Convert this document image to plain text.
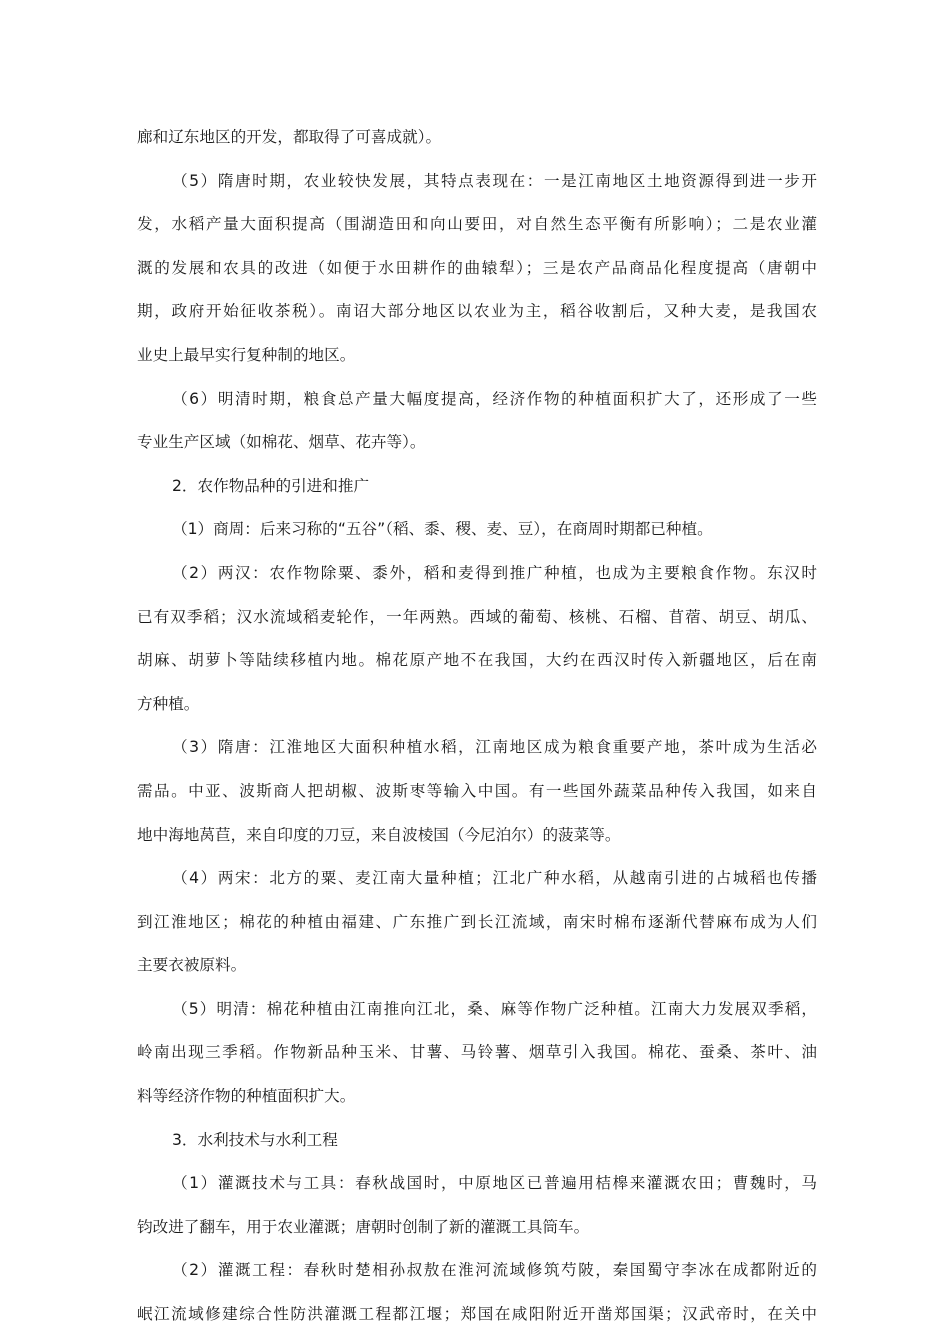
廊和辽东地区的开发，都取得了可喜成就）。
（5）隋唐时期，农业较快发展，其特点表现在：一是江南地区土地资源得到进一步开
发，水稻产量大面积提高（围湖造田和向山要田，对自然生态平衡有所影响）；二是农业灌
溉的发展和农具的改进（如便于水田耕作的曲辕犁）；三是农产品商品化程度提高（唐朝中
期，政府开始征收茶税）。南诏大部分地区以农业为主，稻谷收割后，又种大麦，是我国农
业史上最早实行复种制的地区。
（6）明清时期，粮食总产量大幅度提高，经济作物的种植面积扩大了，还形成了一些
专业生产区域（如棉花、烟草、花卉等）。
2．农作物品种的引进和推广
（1）商周：后来习称的“五谷”（稻、黍、稷、麦、豆），在商周时期都已种植。
（2）两汉：农作物除粟、黍外，稻和麦得到推广种植，也成为主要粮食作物。东汉时
已有双季稻；汉水流域稻麦轮作，一年两熟。西域的葡萄、核桃、石榴、苜蓿、胡豆、胡瓜、
胡麻、胡萝卜等陆续移植内地。棉花原产地不在我国，大约在西汉时传入新疆地区，后在南
方种植。
（3）隋唐：江淮地区大面积种植水稻，江南地区成为粮食重要产地，茶叶成为生活必
需品。中亚、波斯商人把胡椒、波斯枣等输入中国。有一些国外蔬菜品种传入我国，如来自
地中海地莴苣，来自印度的刀豆，来自波棱国（今尼泊尔）的菠菜等。
（4）两宋：北方的粟、麦江南大量种植；江北广种水稻，从越南引进的占城稻也传播
到江淮地区；棉花的种植由福建、广东推广到长江流域，南宋时棉布逐渐代替麻布成为人们
主要衣被原料。
（5）明清：棉花种植由江南推向江北，桑、麻等作物广泛种植。江南大力发展双季稻，
岭南出现三季稻。作物新品种玉米、甘薯、马铃薯、烟草引入我国。棉花、蚕桑、茶叶、油
料等经济作物的种植面积扩大。
3．水利技术与水利工程
（1）灌溉技术与工具：春秋战国时，中原地区已普遍用桔槔来灌溉农田；曹魏时，马
钧改进了翻车，用于农业灌溉；唐朝时创制了新的灌溉工具筒车。
（2）灌溉工程：春秋时楚相孙叔敖在淮河流域修筑芍陂，秦国蜀守李冰在成都附近的
岷江流域修建综合性防洪灌溉工程都江堰；郑国在咸阳附近开凿郑国渠；汉武帝时，在关中
